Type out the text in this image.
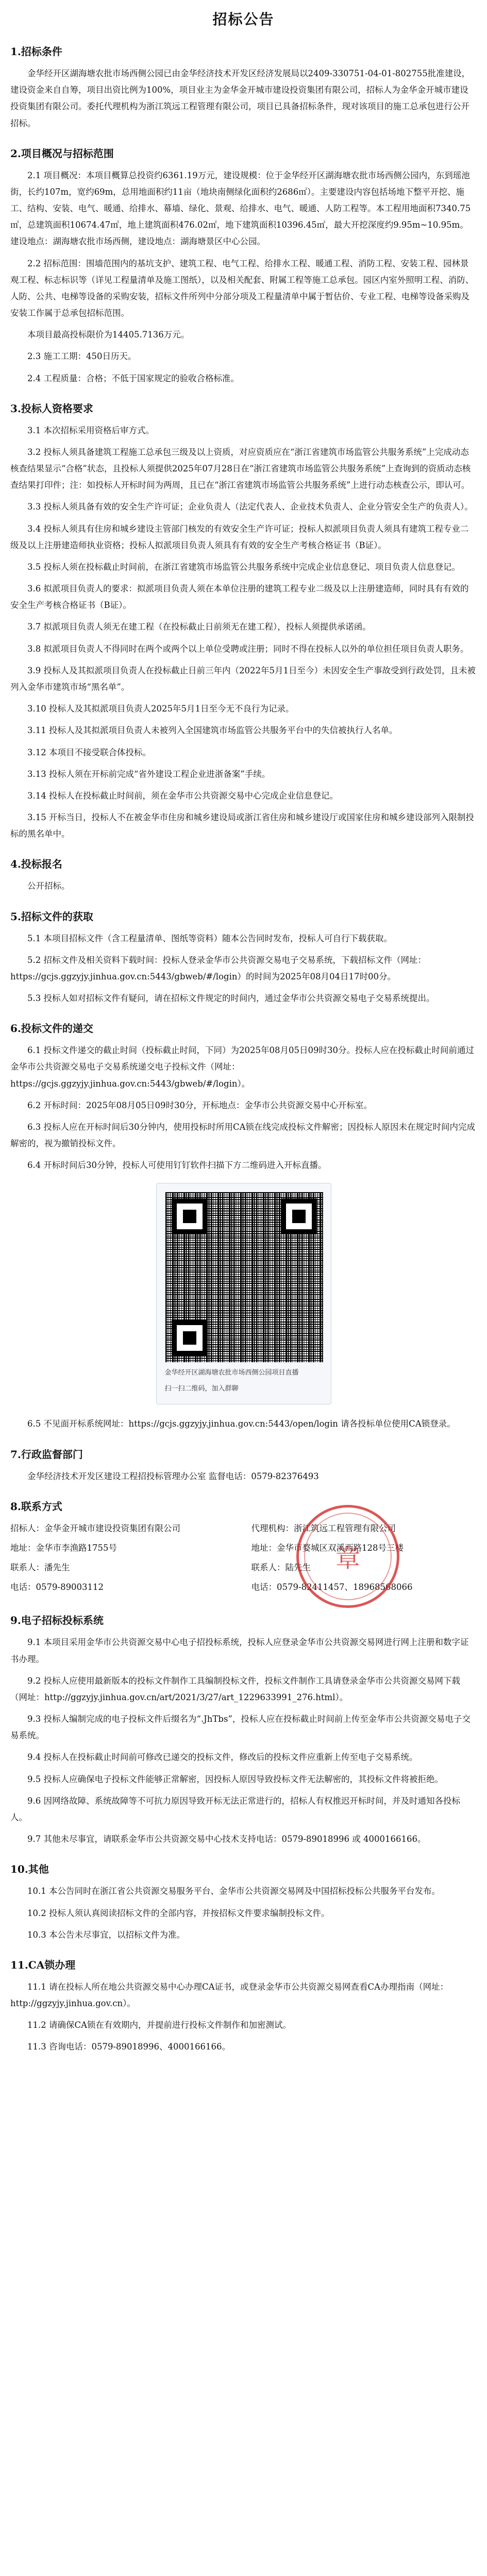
招标公告
1.招标条件

金华经开区湖海塘农批市场西侧公园已由金华经济技术开发区经济发展局以2409-330751-04-01-802755批准建设，建设资金来自自筹，项目出资比例为100%，项目业主为金华金开城市建设投资集团有限公司，招标人为金华金开城市建设投资集团有限公司。委托代理机构为浙江筑远工程管理有限公司，项目已具备招标条件，现对该项目的施工总承包进行公开招标。

2.项目概况与招标范围

2.1 项目概况：本项目概算总投资约6361.19万元，建设规模：位于金华经开区湖海塘农批市场西侧公园内，东到瑶池街，长约107m，宽约69m，总用地面积约11亩（地块南侧绿化面积约2686㎡）。主要建设内容包括场地下整平开挖、施工、结构、安装、电气、暖通、给排水、幕墙、绿化、景观、给排水、电气、暖通、人防工程等。本工程用地面积7340.75㎡，总建筑面积10674.47㎡，地上建筑面积476.02㎡，地下建筑面积10396.45㎡，最大开挖深度约9.95m~10.95m。建设地点：湖海塘农批市场西侧，建设地点：湖海塘景区中心公园。

2.2 招标范围：围墙范围内的基坑支护、建筑工程、电气工程、给排水工程、暖通工程、消防工程、安装工程、园林景观工程、标志标识等（详见工程量清单及施工图纸），以及相关配套、附属工程等施工总承包。园区内室外照明工程、消防、人防、公共、电梯等设备的采购安装，招标文件所列中分部分项及工程量清单中属于暂估价、专业工程、电梯等设备采购及安装工作属于总承包招标范围。

本项目最高投标限价为14405.7136万元。

2.3 施工工期：450日历天。

2.4 工程质量：合格；不低于国家规定的验收合格标准。

3.投标人资格要求

3.1 本次招标采用资格后审方式。

3.2 投标人须具备建筑工程施工总承包三级及以上资质，对应资质应在“浙江省建筑市场监管公共服务系统”上完成动态核查结果显示“合格”状态，且投标人须提供2025年07月28日在“浙江省建筑市场监管公共服务系统”上查询到的资质动态核查结果打印件；注：如投标人开标时间为两周，且已在“浙江省建筑市场监管公共服务系统”上进行动态核查公示，即认可。

3.3 投标人须具备有效的安全生产许可证；企业负责人（法定代表人、企业技术负责人、企业分管安全生产的负责人）。

3.4 投标人须具有住房和城乡建设主管部门核发的有效安全生产许可证；投标人拟派项目负责人须具有建筑工程专业二级及以上注册建造师执业资格；投标人拟派项目负责人须具有有效的安全生产考核合格证书（B证）。

3.5 投标人须在投标截止时间前，在浙江省建筑市场监管公共服务系统中完成企业信息登记、项目负责人信息登记。

3.6 拟派项目负责人的要求：拟派项目负责人须在本单位注册的建筑工程专业二级及以上注册建造师，同时具有有效的安全生产考核合格证书（B证）。

3.7 拟派项目负责人须无在建工程（在投标截止日前须无在建工程），投标人须提供承诺函。

3.8 拟派项目负责人不得同时在两个或两个以上单位受聘或注册；同时不得在投标人以外的单位担任项目负责人职务。

3.9 投标人及其拟派项目负责人在投标截止日前三年内（2022年5月1日至今）未因安全生产事故受到行政处罚，且未被列入金华市建筑市场“黑名单”。

3.10 投标人及其拟派项目负责人2025年5月1日至今无不良行为记录。

3.11 投标人及其拟派项目负责人未被列入全国建筑市场监管公共服务平台中的失信被执行人名单。

3.12 本项目不接受联合体投标。

3.13 投标人须在开标前完成“省外建设工程企业进浙备案”手续。

3.14 投标人在投标截止时间前，须在金华市公共资源交易中心完成企业信息登记。

3.15 开标当日，投标人不在被金华市住房和城乡建设局或浙江省住房和城乡建设厅或国家住房和城乡建设部列入限制投标的黑名单中。

4.投标报名

公开招标。

5.招标文件的获取

5.1 本项目招标文件（含工程量清单、图纸等资料）随本公告同时发布，投标人可自行下载获取。

5.2 招标文件及相关资料下载时间：投标人登录金华市公共资源交易电子交易系统，下载招标文件（网址：https://gcjs.ggzyjy.jinhua.gov.cn:5443/gbweb/#/login）的时间为2025年08月04日17时00分。

5.3 投标人如对招标文件有疑问，请在招标文件规定的时间内，通过金华市公共资源交易电子交易系统提出。

6.投标文件的递交

6.1 投标文件递交的截止时间（投标截止时间，下同）为2025年08月05日09时30分。投标人应在投标截止时间前通过金华市公共资源交易电子交易系统递交电子投标文件（网址：https://gcjs.ggzyjy.jinhua.gov.cn:5443/gbweb/#/login）。

6.2 开标时间：2025年08月05日09时30分，开标地点：金华市公共资源交易中心开标室。

6.3 投标人应在开标时间后30分钟内，使用投标时所用CA锁在线完成投标文件解密；因投标人原因未在规定时间内完成解密的，视为撤销投标文件。

6.4 开标时间后30分钟，投标人可使用钉钉软件扫描下方二维码进入开标直播。

金华经开区湖海塘农批市场西侧公园项目直播

扫一扫二维码，加入群聊

6.5 不见面开标系统网址：https://gcjs.ggzyjy.jinhua.gov.cn:5443/open/login 请各投标单位使用CA锁登录。

7.行政监督部门

金华经济技术开发区建设工程招投标管理办公室 监督电话：0579-82376493

8.联系方式

招标人：金华金开城市建设投资集团有限公司

地址：金华市李渔路1755号

联系人：潘先生

电话：0579-89003112

代理机构：浙江筑远工程管理有限公司

地址：金华市婺城区双溪西路128号三楼

联系人：陆先生

电话：0579-82411457、18968568066

章
9.电子招标投标系统

9.1 本项目采用金华市公共资源交易中心电子招投标系统，投标人应登录金华市公共资源交易网进行网上注册和数字证书办理。

9.2 投标人应使用最新版本的投标文件制作工具编制投标文件，投标文件制作工具请登录金华市公共资源交易网下载（网址：http://ggzyjy.jinhua.gov.cn/art/2021/3/27/art_1229633991_276.html）。

9.3 投标人编制完成的电子投标文件后缀名为“.JhTbs”，投标人应在投标截止时间前上传至金华市公共资源交易电子交易系统。

9.4 投标人在投标截止时间前可修改已递交的投标文件，修改后的投标文件应重新上传至电子交易系统。

9.5 投标人应确保电子投标文件能够正常解密，因投标人原因导致投标文件无法解密的，其投标文件将被拒绝。

9.6 因网络故障、系统故障等不可抗力原因导致开标无法正常进行的，招标人有权推迟开标时间，并及时通知各投标人。

9.7 其他未尽事宜，请联系金华市公共资源交易中心技术支持电话：0579-89018996 或 4000166166。

10.其他

10.1 本公告同时在浙江省公共资源交易服务平台、金华市公共资源交易网及中国招标投标公共服务平台发布。

10.2 投标人须认真阅读招标文件的全部内容，并按招标文件要求编制投标文件。

10.3 本公告未尽事宜，以招标文件为准。

11.CA锁办理

11.1 请在投标人所在地公共资源交易中心办理CA证书，或登录金华市公共资源交易网查看CA办理指南（网址：http://ggzyjy.jinhua.gov.cn）。

11.2 请确保CA锁在有效期内，并提前进行投标文件制作和加密测试。

11.3 咨询电话：0579-89018996、4000166166。
